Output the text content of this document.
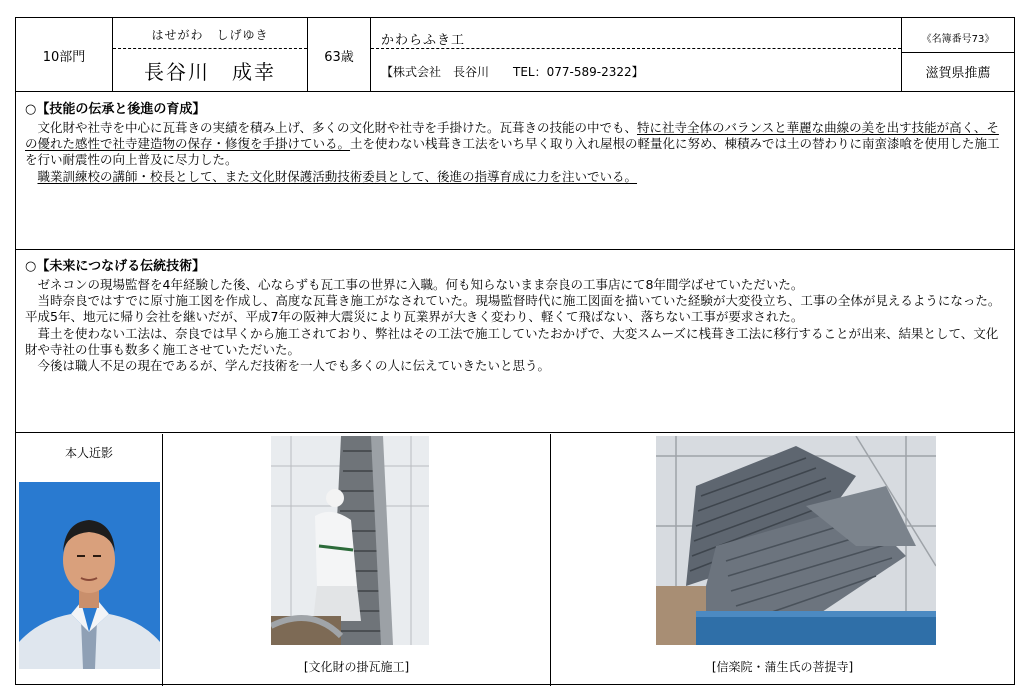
10部門
はせがわ　しげゆき
長谷川　成幸
63歳
かわらふき工
【株式会社　長谷川　　TEL：077-589-2322】
《名簿番号73》
滋賀県推薦
○【技能の伝承と後進の育成】

文化財や社寺を中心に瓦葺きの実績を積み上げ、多くの文化財や社寺を手掛けた。瓦葺きの技能の中でも、特に社寺全体のバランスと華麗な曲線の美を出す技能が高く、その優れた感性で社寺建造物の保存・修復を手掛けている。土を使わない桟葺き工法をいち早く取り入れ屋根の軽量化に努め、棟積みでは土の替わりに南蛮漆喰を使用した施工を行い耐震性の向上普及に尽力した。

職業訓練校の講師・校長として、また文化財保護活動技術委員として、後進の指導育成に力を注いでいる。

○【未来につなげる伝統技術】

ゼネコンの現場監督を4年経験した後、心ならずも瓦工事の世界に入職。何も知らないまま奈良の工事店にて8年間学ばせていただいた。

当時奈良ではすでに原寸施工図を作成し、高度な瓦葺き施工がなされていた。現場監督時代に施工図面を描いていた経験が大変役立ち、工事の全体が見えるようになった。平成5年、地元に帰り会社を継いだが、平成7年の阪神大震災により瓦業界が大きく変わり、軽くて飛ばない、落ちない工事が要求された。

葺土を使わない工法は、奈良では早くから施工されており、弊社はその工法で施工していたおかげで、大変スムーズに桟葺き工法に移行することが出来、結果として、文化財や寺社の仕事も数多く施工させていただいた。

今後は職人不足の現在であるが、学んだ技術を一人でも多くの人に伝えていきたいと思う。

本人近影
[文化財の掛瓦施工]	[信楽院・蒲生氏の菩提寺]
